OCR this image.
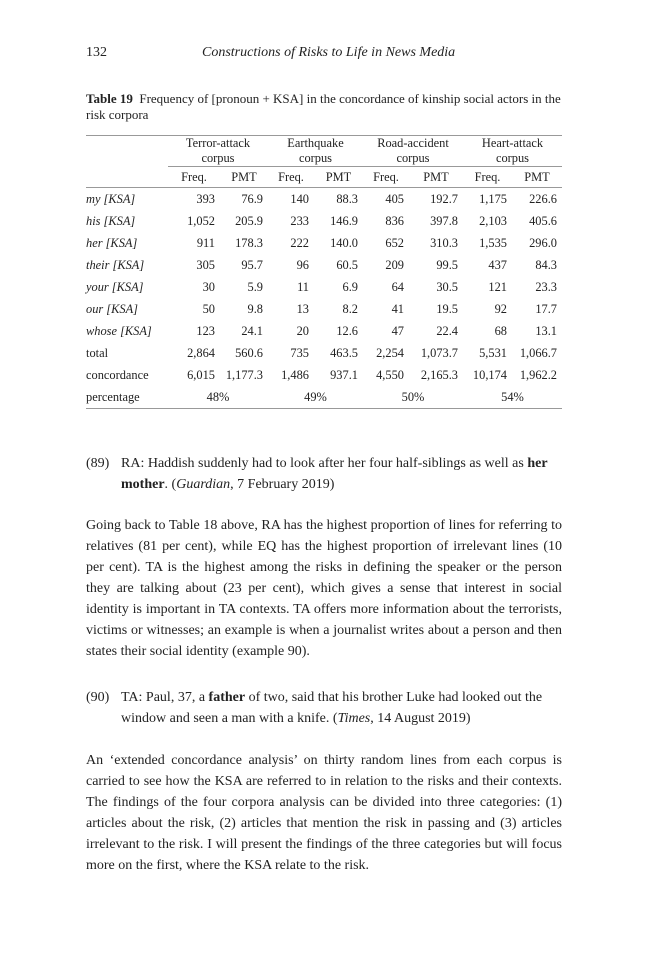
132	Constructions of Risks to Life in News Media
Table 19 Frequency of [pronoun + KSA] in the concordance of kinship social actors in the risk corpora
	Terror-attack
corpus		Earthquake
corpus		Road-accident
corpus		Heart-attack
corpus	
	Freq.	PMT	Freq.	PMT	Freq.	PMT	Freq.	PMT
my [KSA]	393	76.9	140	88.3	405	192.7	1,175	226.6
his [KSA]	1,052	205.9	233	146.9	836	397.8	2,103	405.6
her [KSA]	911	178.3	222	140.0	652	310.3	1,535	296.0
their [KSA]	305	95.7	96	60.5	209	99.5	437	84.3
your [KSA]	30	5.9	11	6.9	64	30.5	121	23.3
our [KSA]	50	9.8	13	8.2	41	19.5	92	17.7
whose [KSA]	123	24.1	20	12.6	47	22.4	68	13.1
total	2,864	560.6	735	463.5	2,254	1,073.7	5,531	1,066.7
concordance	6,015	1,177.3	1,486	937.1	4,550	2,165.3	10,174	1,962.2
percentage	48%		49%		50%		54%	
(89) RA: Haddish suddenly had to look after her four half-siblings as well as her mother. (Guardian, 7 February 2019)

Going back to Table 18 above, RA has the highest proportion of lines for referring to relatives (81 per cent), while EQ has the highest proportion of irrelevant lines (10 per cent). TA is the highest among the risks in defining the speaker or the person they are talking about (23 per cent), which gives a sense that interest in social identity is important in TA contexts. TA offers more information about the terrorists, victims or witnesses; an example is when a journalist writes about a person and then states their social identity (example 90).

(90) TA: Paul, 37, a father of two, said that his brother Luke had looked out the window and seen a man with a knife. (Times, 14 August 2019)

An ‘extended concordance analysis’ on thirty random lines from each corpus is carried to see how the KSA are referred to in relation to the risks and their contexts. The findings of the four corpora analysis can be divided into three categories: (1) articles about the risk, (2) articles that mention the risk in passing and (3) articles irrelevant to the risk. I will present the findings of the three categories but will focus more on the first, where the KSA relate to the risk.
